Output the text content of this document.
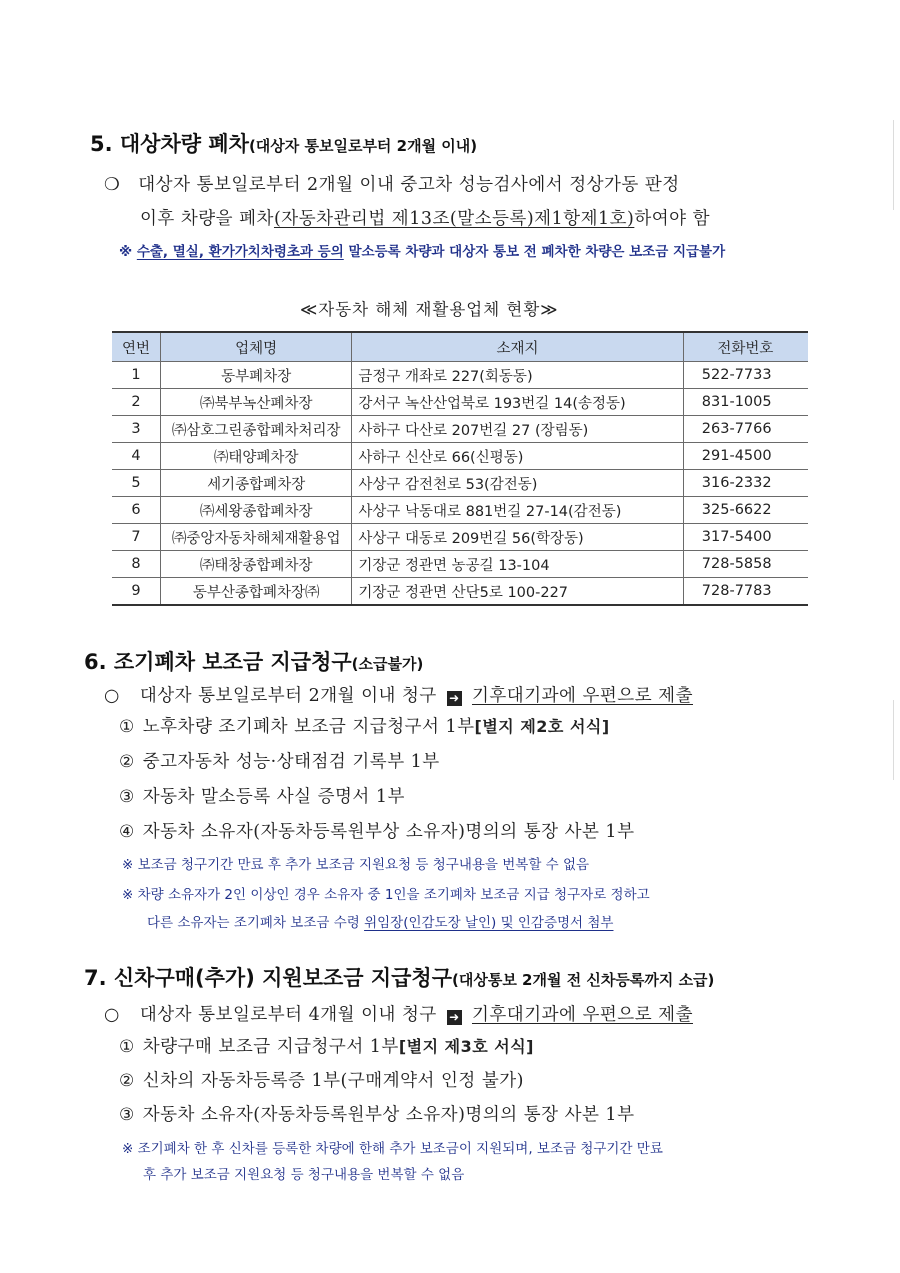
5. 대상차량 폐차(대상자 통보일로부터 2개월 이내)
❍ 대상자 통보일로부터 2개월 이내 중고차 성능검사에서 정상가동 판정
이후 차량을 폐차(자동차관리법 제13조(말소등록)제1항제1호)하여야 함
※ 수출, 멸실, 환가가치차령초과 등의 말소등록 차량과 대상자 통보 전 폐차한 차량은 보조금 지급불가
≪자동차 해체 재활용업체 현황≫
연번	업체명	소재지	전화번호
1	동부폐차장	금정구 개좌로 227(회동동)	522-7733
2	㈜북부녹산폐차장	강서구 녹산산업북로 193번길 14(송정동)	831-1005
3	㈜삼호그린종합폐차처리장	사하구 다산로 207번길 27 (장림동)	263-7766
4	㈜태양폐차장	사하구 신산로 66(신평동)	291-4500
5	세기종합폐차장	사상구 감전천로 53(감전동)	316-2332
6	㈜세왕종합폐차장	사상구 낙동대로 881번길 27-14(감전동)	325-6622
7	㈜중앙자동차해체재활용업	사상구 대동로 209번길 56(학장동)	317-5400
8	㈜태창종합폐차장	기장군 정관면 농공길 13-104	728-5858
9	동부산종합폐차장㈜	기장군 정관면 산단5로 100-227	728-7783
6. 조기폐차 보조금 지급청구(소급불가)
○ 대상자 통보일로부터 2개월 이내 청구 ➜ 기후대기과에 우편으로 제출
① 노후차량 조기폐차 보조금 지급청구서 1부[별지 제2호 서식]
② 중고자동차 성능·상태점검 기록부 1부
③ 자동차 말소등록 사실 증명서 1부
④ 자동차 소유자(자동차등록원부상 소유자)명의의 통장 사본 1부
※ 보조금 청구기간 만료 후 추가 보조금 지원요청 등 청구내용을 번복할 수 없음
※ 차량 소유자가 2인 이상인 경우 소유자 중 1인을 조기폐차 보조금 지급 청구자로 정하고
다른 소유자는 조기폐차 보조금 수령 위임장(인감도장 날인) 및 인감증명서 첨부
7. 신차구매(추가) 지원보조금 지급청구(대상통보 2개월 전 신차등록까지 소급)
○ 대상자 통보일로부터 4개월 이내 청구 ➜ 기후대기과에 우편으로 제출
① 차량구매 보조금 지급청구서 1부[별지 제3호 서식]
② 신차의 자동차등록증 1부(구매계약서 인정 불가)
③ 자동차 소유자(자동차등록원부상 소유자)명의의 통장 사본 1부
※ 조기폐차 한 후 신차를 등록한 차량에 한해 추가 보조금이 지원되며, 보조금 청구기간 만료
후 추가 보조금 지원요청 등 청구내용을 번복할 수 없음
